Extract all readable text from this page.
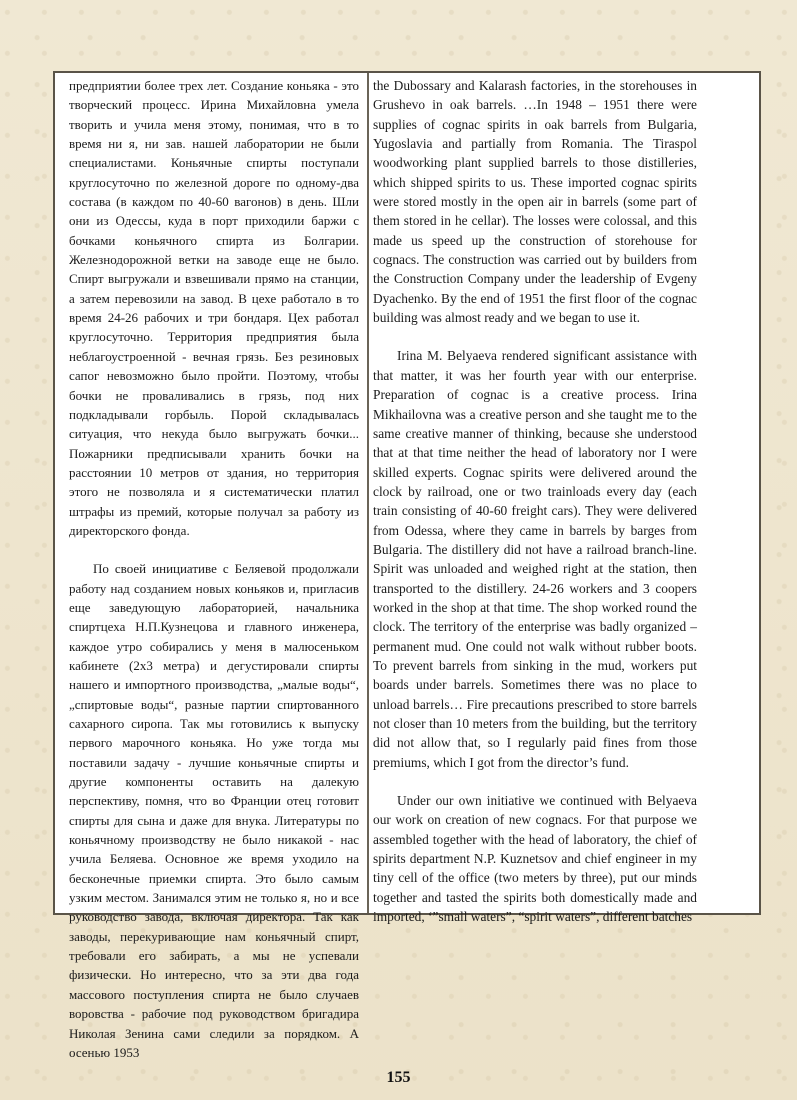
предприятии более трех лет. Создание коньяка - это творческий процесс. Ирина Михайловна умела творить и учила меня этому, понимая, что в то время ни я, ни зав. нашей лаборатории не были специалистами. Коньячные спирты поступали круглосуточно по железной дороге по одному-два состава (в каждом по 40-60 вагонов) в день. Шли они из Одессы, куда в порт приходили баржи с бочками коньячного спирта из Болгарии. Железнодорожной ветки на заводе еще не было. Спирт выгружали и взвешивали прямо на станции, а затем перевозили на завод. В цехе работало в то время 24-26 рабочих и три бондаря. Цех работал круглосуточно. Территория предприятия была неблагоустроенной - вечная грязь. Без резиновых сапог невозможно было пройти. Поэтому, чтобы бочки не проваливались в грязь, под них подкладывали горбыль. Порой складывалась ситуация, что некуда было выгружать бочки... Пожарники предписывали хранить бочки на расстоянии 10 метров от здания, но территория этого не позволяла и я систематически платил штрафы из премий, которые получал за работу из директорского фонда.

По своей инициативе с Беляевой продолжали работу над созданием новых коньяков и, пригласив еще заведующую лабораторией, начальника спиртцеха Н.П.Кузнецова и главного инженера, каждое утро собирались у меня в малюсеньком кабинете (2х3 метра) и дегустировали спирты нашего и импортного производства, „малые воды“, „спиртовые воды“, разные партии спиртованного сахарного сиропа. Так мы готовились к выпуску первого марочного коньяка. Но уже тогда мы поставили задачу - лучшие коньячные спирты и другие компоненты оставить на далекую перспективу, помня, что во Франции отец готовит спирты для сына и даже для внука. Литературы по коньячному производству не было никакой - нас учила Беляева. Основное же время уходило на бесконечные приемки спирта. Это было самым узким местом. Занимался этим не только я, но и все руководство завода, включая директора. Так как заводы, перекуривающие нам коньячный спирт, требовали его забирать, а мы не успевали физически. Но интересно, что за эти два года массового поступления спирта не было случаев воровства - рабочие под руководством бригадира Николая Зенина сами следили за порядком. А осенью 1953

the Dubossary and Kalarash factories, in the storehouses in Grushevo in oak barrels. …In 1948 – 1951 there were supplies of cognac spirits in oak barrels from Bulgaria, Yugoslavia and partially from Romania. The Tiraspol woodworking plant supplied barrels to those distilleries, which shipped spirits to us. These imported cognac spirits were stored mostly in the open air in barrels (some part of them stored in he cellar). The losses were colossal, and this made us speed up the construction of storehouse for cognacs. The construction was carried out by builders from the Construction Company under the leadership of Evgeny Dyachenko. By the end of 1951 the first floor of the cognac building was almost ready and we began to use it.

Irina M. Belyaeva rendered significant assistance with that matter, it was her fourth year with our enterprise. Preparation of cognac is a creative process. Irina Mikhailovna was a creative person and she taught me to the same creative manner of thinking, because she understood that at that time neither the head of laboratory nor I were skilled experts. Cognac spirits were delivered around the clock by railroad, one or two trainloads every day (each train consisting of 40-60 freight cars). They were delivered from Odessa, where they came in barrels by barges from Bulgaria. The distillery did not have a railroad branch-line. Spirit was unloaded and weighed right at the station, then transported to the distillery. 24-26 workers and 3 coopers worked in the shop at that time. The shop worked round the clock. The territory of the enterprise was badly organized – permanent mud. One could not walk without rubber boots. To prevent barrels from sinking in the mud, workers put boards under barrels. Sometimes there was no place to unload barrels… Fire precautions prescribed to store barrels not closer than 10 meters from the building, but the territory did not allow that, so I regularly paid fines from those premiums, which I got from the director’s fund.

Under our own initiative we continued with Belyaeva our work on creation of new cognacs. For that purpose we assembled together with the head of laboratory, the chief of spirits department N.P. Kuznetsov and chief engineer in my tiny cell of the office (two meters by three), put our minds together and tasted the spirits both domestically made and imported, ‘”small waters”, “spirit waters”, different batches

155
